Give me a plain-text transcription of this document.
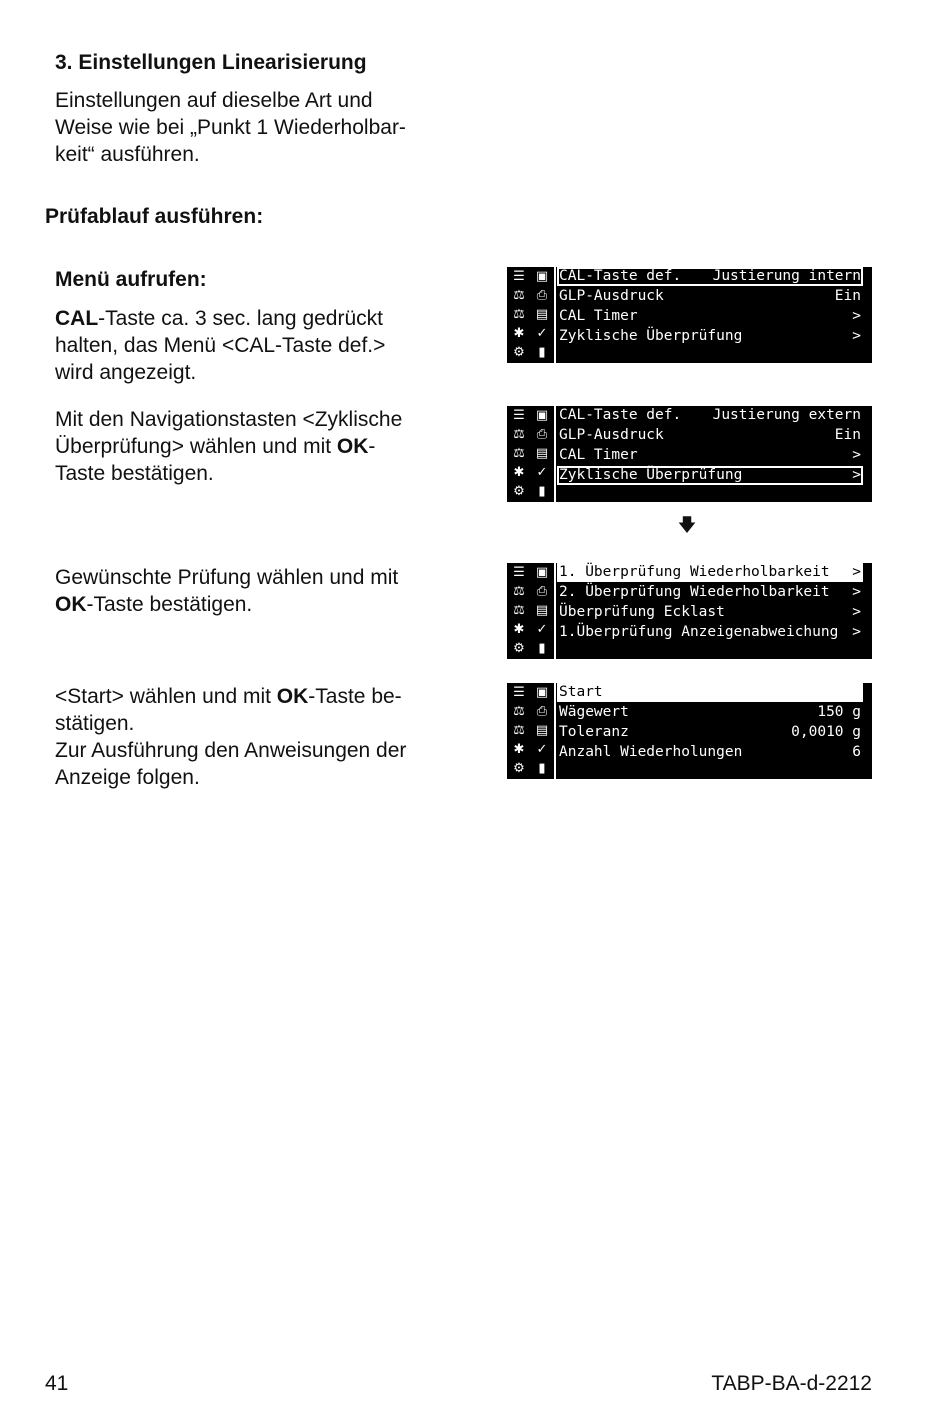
3. Einstellungen Linearisierung
Einstellungen auf dieselbe Art und
Weise wie bei „Punkt 1 Wiederholbar-
keit“ ausführen.
Prüfablauf ausführen:
Menü aufrufen:
CAL-Taste ca. 3 sec. lang gedrückt
halten, das Menü <CAL-Taste def.>
wird angezeigt.
Mit den Navigationstasten <Zyklische
Überprüfung> wählen und mit OK-
Taste bestätigen.
Gewünschte Prüfung wählen und mit
OK-Taste bestätigen.
<Start> wählen und mit OK-Taste be-
stätigen.
Zur Ausführung den Anweisungen der
Anzeige folgen.
☰ ▣
⚖ ⎙
⚖ ▤
✱ ✓
⚙	▮
CAL-Taste def. Justierung intern
GLP-Ausdruck	Ein
CAL Timer	>
Zyklische Überprüfung	>
☰ ▣
⚖ ⎙
⚖ ▤
✱ ✓
⚙	▮
CAL-Taste def. Justierung extern
GLP-Ausdruck	Ein
CAL Timer	>
Zyklische Überprüfung	>
🡇
☰ ▣
⚖ ⎙
⚖ ▤
✱ ✓
⚙	▮
1. Überprüfung Wiederholbarkeit >
2. Überprüfung Wiederholbarkeit >
Überprüfung Ecklast	>
1.Überprüfung Anzeigenabweichung >
☰ ▣
⚖ ⎙
⚖ ▤
✱ ✓
⚙	▮
Start
Wägewert	150 g
Toleranz	0,0010 g
Anzahl Wiederholungen	6
41	TABP-BA-d-2212
